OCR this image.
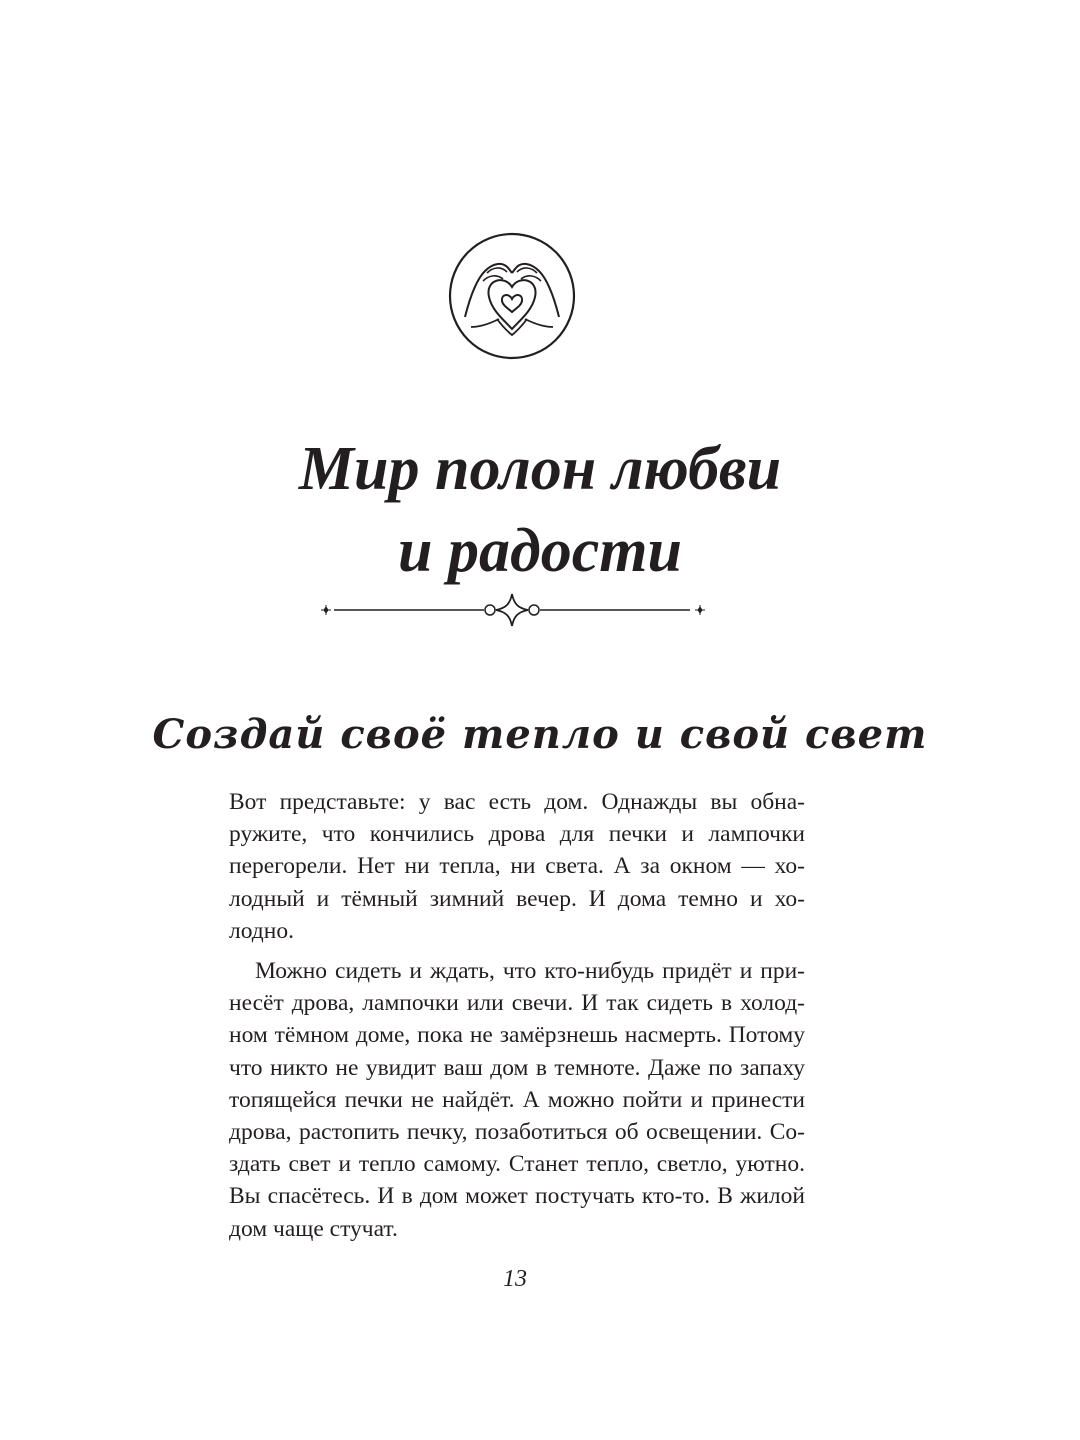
Мир полон любви
и радости
Создай своё тепло и свой свет

Вот представьте: у вас есть дом. Однажды вы обна-
ружите, что кончились дрова для печки и лампочки
перегорели. Нет ни тепла, ни света. А за окном — хо-
лодный и тёмный зимний вечер. И дома темно и хо-
лодно.

Можно сидеть и ждать, что кто-нибудь придёт и при-
несёт дрова, лампочки или свечи. И так сидеть в холод-
ном тёмном доме, пока не замёрзнешь насмерть. Потому
что никто не увидит ваш дом в темноте. Даже по запаху
топящейся печки не найдёт. А можно пойти и принести
дрова, растопить печку, позаботиться об освещении. Со-
здать свет и тепло самому. Станет тепло, светло, уютно.
Вы спасётесь. И в дом может постучать кто-то. В жилой
дом чаще стучат.

13
